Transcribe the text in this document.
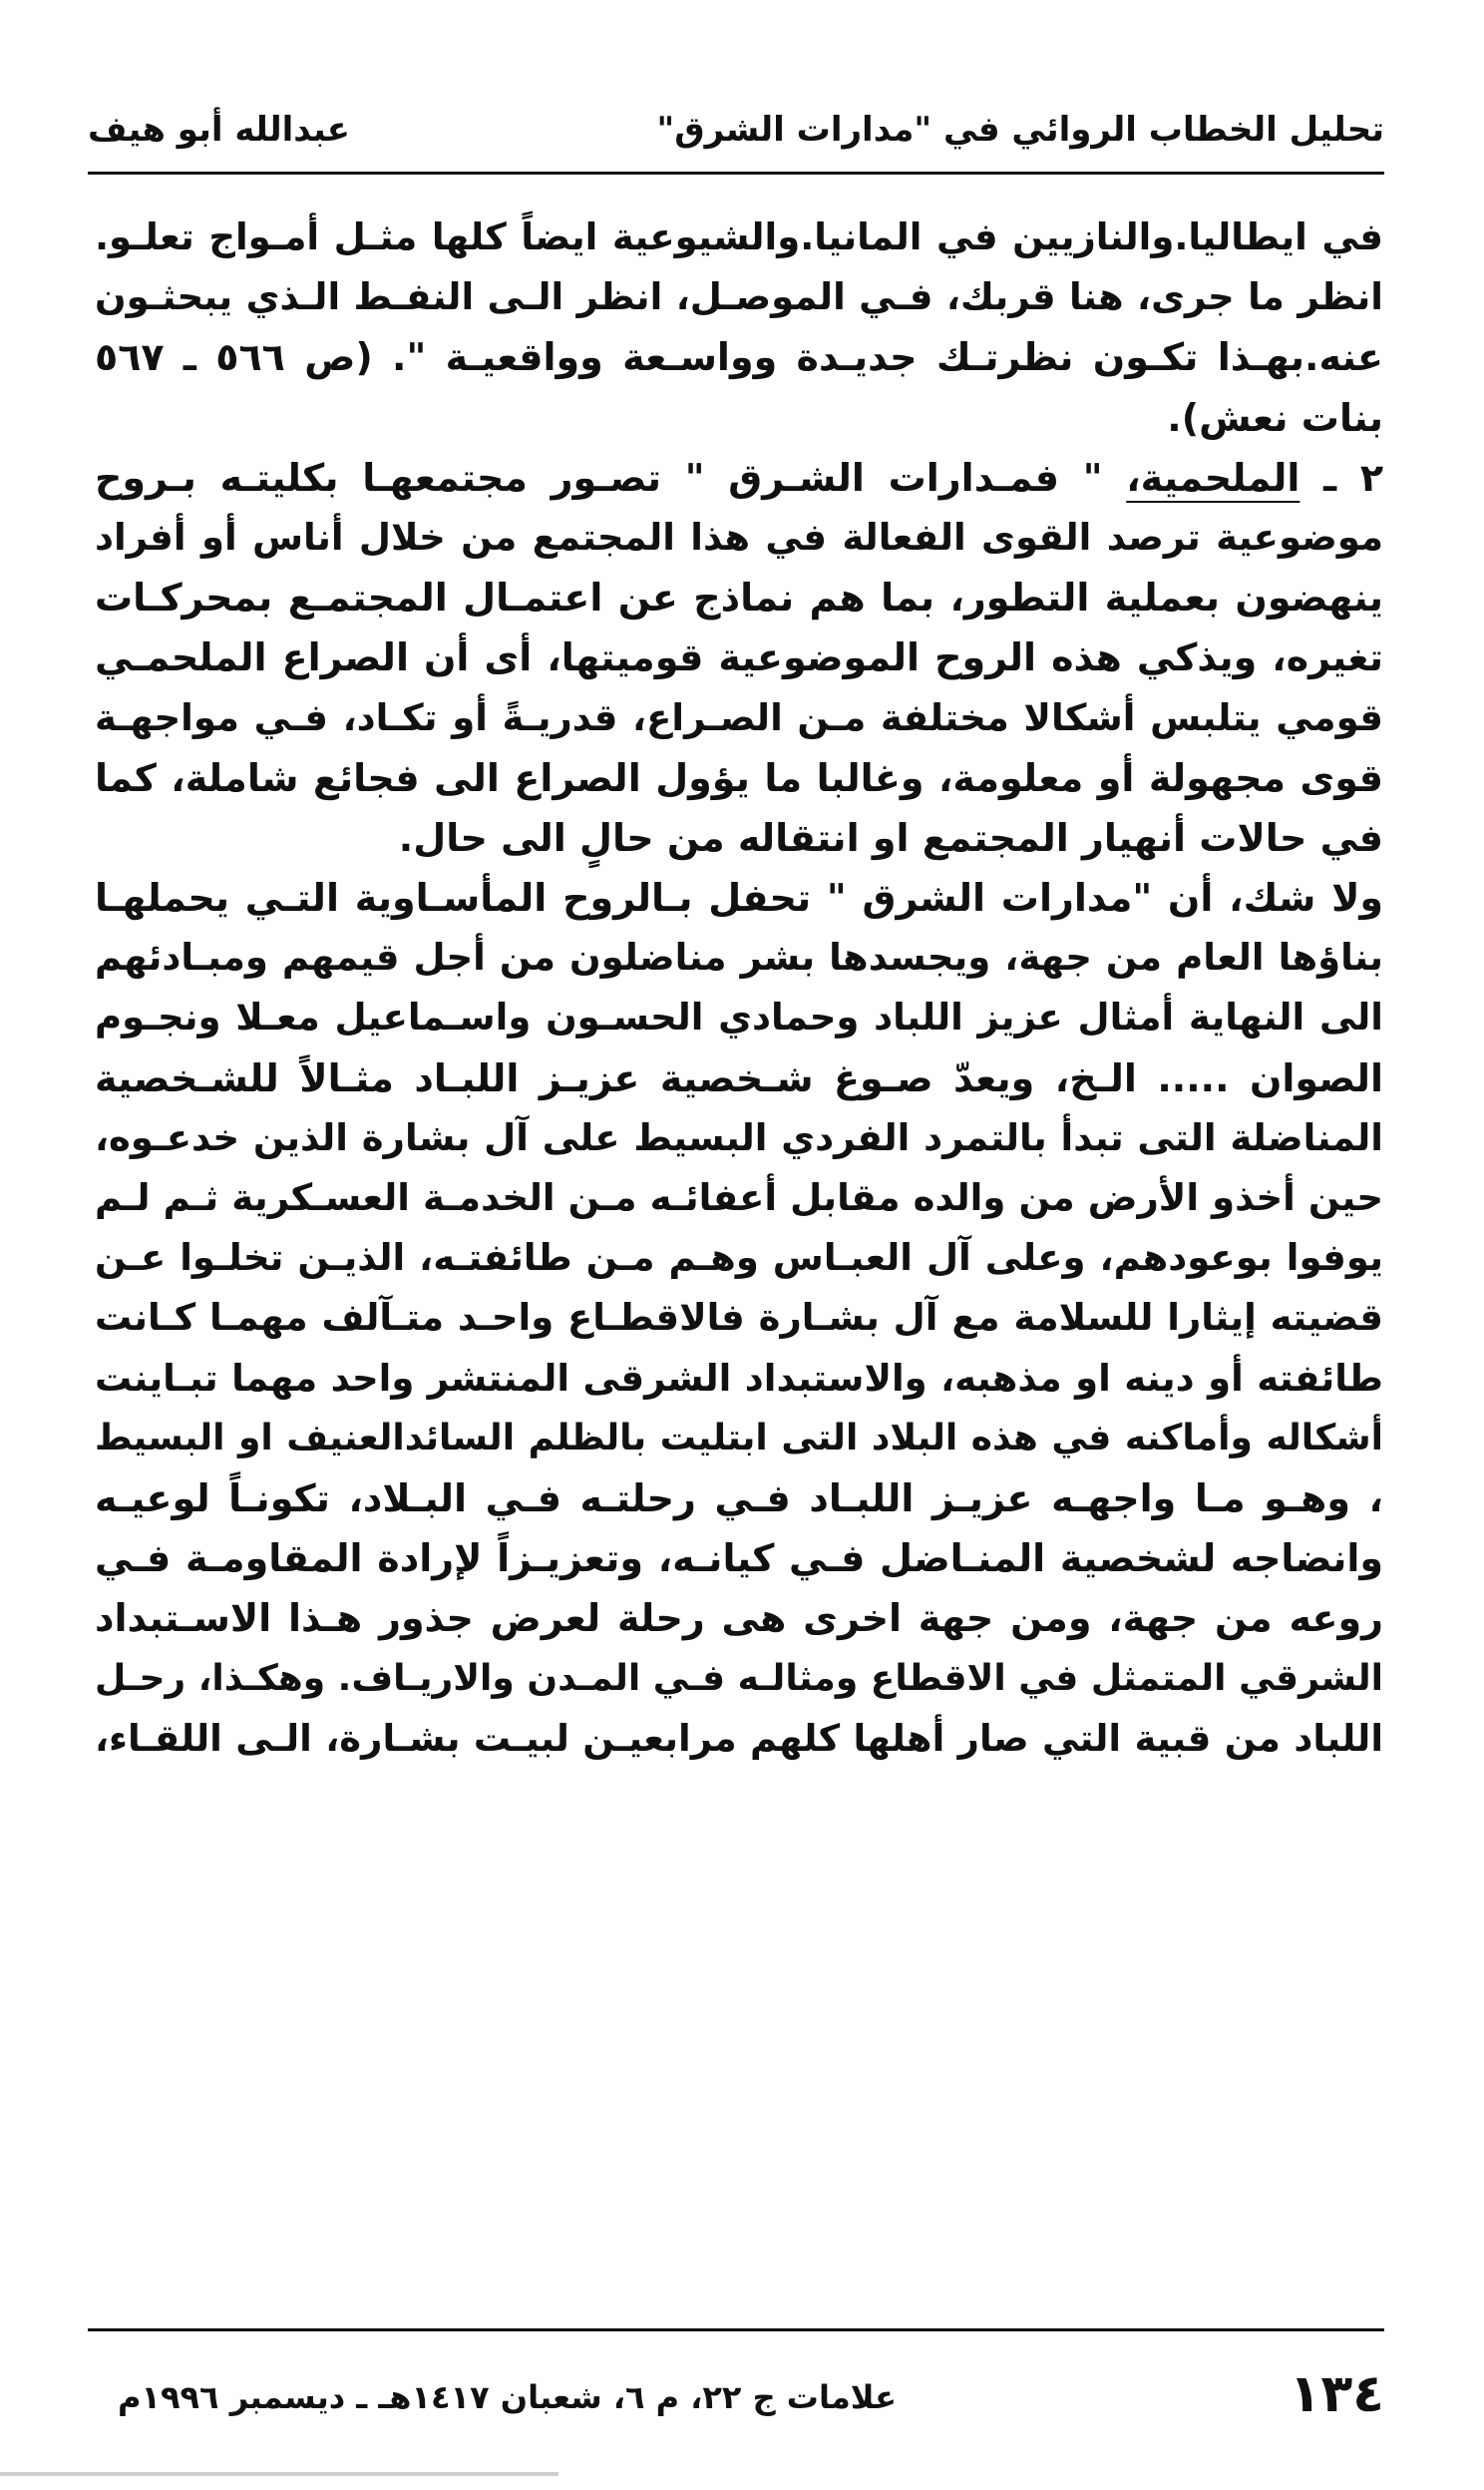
تحليل الخطاب الروائي في "مدارات الشرق"
عبدالله أبو هيف
في ايطاليا.والنازيين في المانيا.والشيوعية ايضاً كلها مثـل أمـواج تعلـو.
انظر ما جرى، هنا قربك، فـي الموصـل، انظر الـى النفـط الـذي يبحثـون
عنه.بهـذا تكـون نظرتـك جديـدة وواسـعة وواقعيـة ". (ص ٥٦٦ ـ ٥٦٧
بنات نعش).
٢ ـ الملحمية، " فمـدارات الشـرق " تصـور مجتمعهـا بكليتـه بـروح
موضوعية ترصد القوى الفعالة في هذا المجتمع من خلال أناس أو أفراد
ينهضون بعملية التطور، بما هم نماذج عن اعتمـال المجتمـع بمحركـات
تغيره، ويذكي هذه الروح الموضوعية قوميتها، أى أن الصراع الملحمـي
قومي يتلبس أشكالا مختلفة مـن الصـراع، قدريـةً أو تكـاد، فـي مواجهـة
قوى مجهولة أو معلومة، وغالبا ما يؤول الصراع الى فجائع شاملة، كما
في حالات أنهيار المجتمع او انتقاله من حالٍ الى حال.
ولا شك، أن "مدارات الشرق " تحفل بـالروح المأسـاوية التـي يحملهـا
بناؤها العام من جهة، ويجسدها بشر مناضلون من أجل قيمهم ومبـادئهم
الى النهاية أمثال عزيز اللباد وحمادي الحسـون واسـماعيل معـلا ونجـوم
الصوان ..... الـخ، ويعدّ صـوغ شـخصية عزيـز اللبـاد مثـالاً للشـخصية
المناضلة التى تبدأ بالتمرد الفردي البسيط على آل بشارة الذين خدعـوه،
حين أخذو الأرض من والده مقابل أعفائـه مـن الخدمـة العسـكرية ثـم لـم
يوفوا بوعودهم، وعلى آل العبـاس وهـم مـن طائفتـه، الذيـن تخلـوا عـن
قضيته إيثارا للسلامة مع آل بشـارة فالاقطـاع واحـد متـآلف مهمـا كـانت
طائفته أو دينه او مذهبه، والاستبداد الشرقى المنتشر واحد مهما تبـاينت
أشكاله وأماكنه في هذه البلاد التى ابتليت بالظلم السائدالعنيف او البسيط
، وهـو مـا واجهـه عزيـز اللبـاد فـي رحلتـه فـي البـلاد، تكونـاً لوعيـه
وانضاجه لشخصية المنـاضل فـي كيانـه، وتعزيـزاً لإرادة المقاومـة فـي
روعه من جهة، ومن جهة اخرى هى رحلة لعرض جذور هـذا الاسـتبداد
الشرقي المتمثل في الاقطاع ومثالـه فـي المـدن والاريـاف. وهكـذا، رحـل
اللباد من قبية التي صار أهلها كلهم مرابعيـن لبيـت بشـارة، الـى اللقـاء،
١٣٤
علامات ج ٢٢، م ٦، شعبان ١٤١٧هـ ـ ديسمبر ١٩٩٦م
